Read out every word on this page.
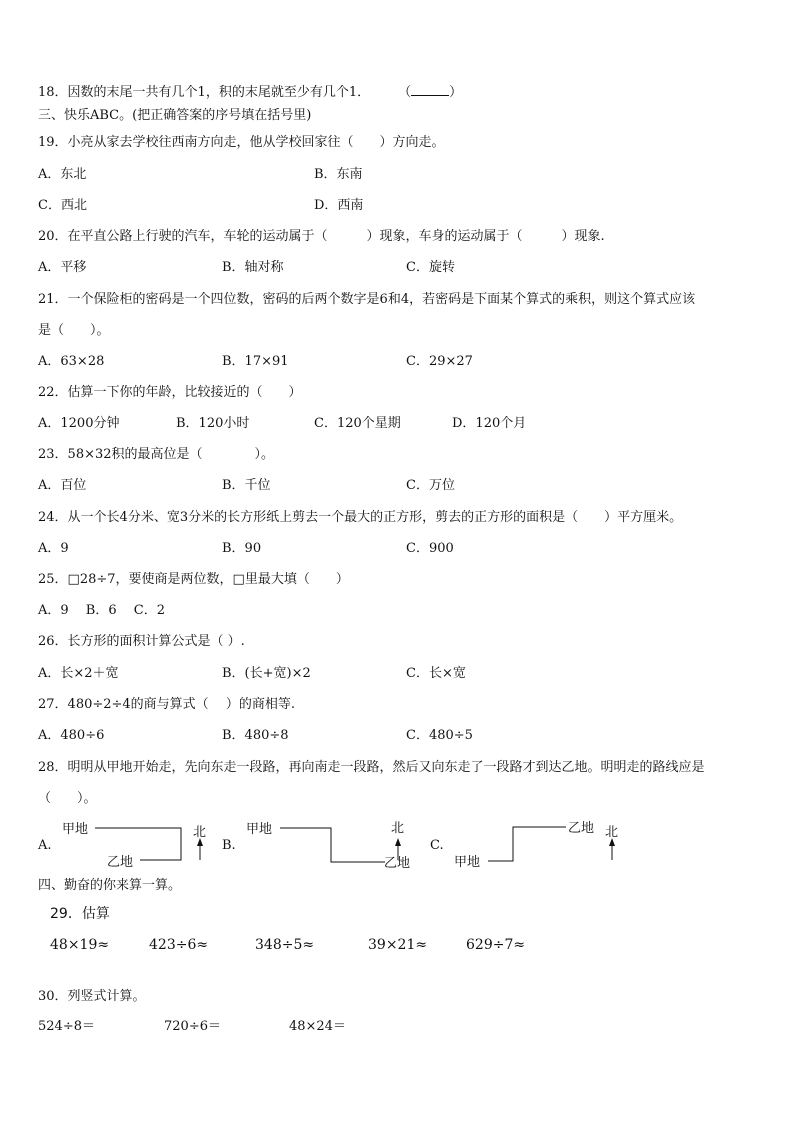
18．因数的末尾一共有几个1，积的末尾就至少有几个1． （	）
三、快乐ABC。(把正确答案的序号填在括号里)
19．小亮从家去学校往西南方向走，他从学校回家往（　　）方向走。
A．东北	B．东南
C．西北	D．西南
20．在平直公路上行驶的汽车，车轮的运动属于（　　　）现象，车身的运动属于（　　　）现象.
A．平移	B．轴对称	C．旋转
21．一个保险柜的密码是一个四位数，密码的后两个数字是6和4，若密码是下面某个算式的乘积，则这个算式应该
是（　　）。
A．63×28	B．17×91	C．29×27
22．估算一下你的年龄，比较接近的（　　）
A．1200分钟	B．120小时	C．120个星期	D．120个月
23．58×32积的最高位是（　　　　）。
A．百位	B．千位	C．万位
24．从一个长4分米、宽3分米的长方形纸上剪去一个最大的正方形，剪去的正方形的面积是（　　）平方厘米。
A．9	B．90	C．900
25．□28÷7，要使商是两位数，□里最大填（　　）
A．9　 B．6　 C．2
26．长方形的面积计算公式是（ ）.
A．长×2＋宽	B．(长+宽)×2	C．长×宽
27．480÷2÷4的商与算式（　 ）的商相等.
A．480÷6	B．480÷8	C．480÷5
28．明明从甲地开始走，先向东走一段路，再向南走一段路，然后又向东走了一段路才到达乙地。明明走的路线应是
（　　）。
A.	B.	C.
甲地
乙地
北	甲地
乙地
北
甲地
乙地 北
四、勤奋的你来算一算。
29．估算
48×19≈	423÷6≈	348÷5≈	39×21≈	629÷7≈
30．列竖式计算。
524÷8＝	720÷6＝	48×24＝
